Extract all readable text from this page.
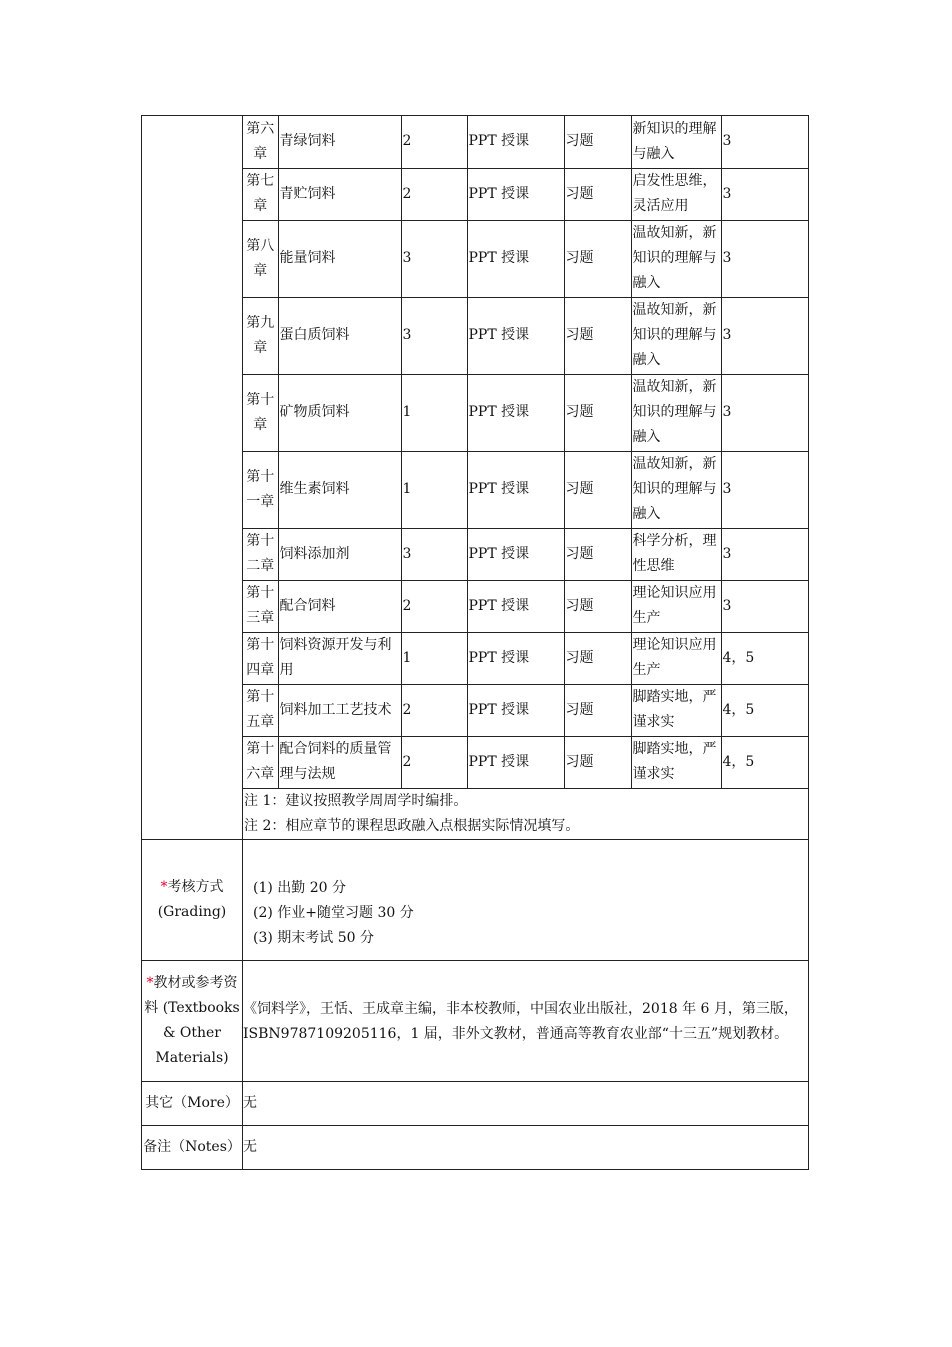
第六章	青绿饲料	2	PPT 授课	习题	新知识的理解与融入	3
第七章	青贮饲料	2	PPT 授课	习题	启发性思维，灵活应用	3
第八章	能量饲料	3	PPT 授课	习题	温故知新，新知识的理解与融入	3
第九章	蛋白质饲料	3	PPT 授课	习题	温故知新，新知识的理解与融入	3
第十章	矿物质饲料	1	PPT 授课	习题	温故知新，新知识的理解与融入	3
第十一章	维生素饲料	1	PPT 授课	习题	温故知新，新知识的理解与融入	3
第十二章	饲料添加剂	3	PPT 授课	习题	科学分析，理性思维	3
第十三章	配合饲料	2	PPT 授课	习题	理论知识应用生产	3
第十四章	饲料资源开发与利用	1	PPT 授课	习题	理论知识应用生产	4，5
第十五章	饲料加工工艺技术	2	PPT 授课	习题	脚踏实地，严谨求实	4，5
第十六章	配合饲料的质量管理与法规	2	PPT 授课	习题	脚踏实地，严谨求实	4，5

注 1：建议按照教学周周学时编排。
注 2：相应章节的课程思政融入点根据实际情况填写。

*考核方式
(Grading)	
(1) 出勤 20 分
(2) 作业+随堂习题 30 分
(3) 期末考试 50 分

*教材或参考资
料 (Textbooks
& Other
Materials)	
《饲料学》，王恬、王成章主编，非本校教师，中国农业出版社，2018 年 6 月，第三版，ISBN9787109205116，1 届，非外文教材，普通高等教育农业部“十三五”规划教材。

其它（More）	无
备注（Notes）	无
